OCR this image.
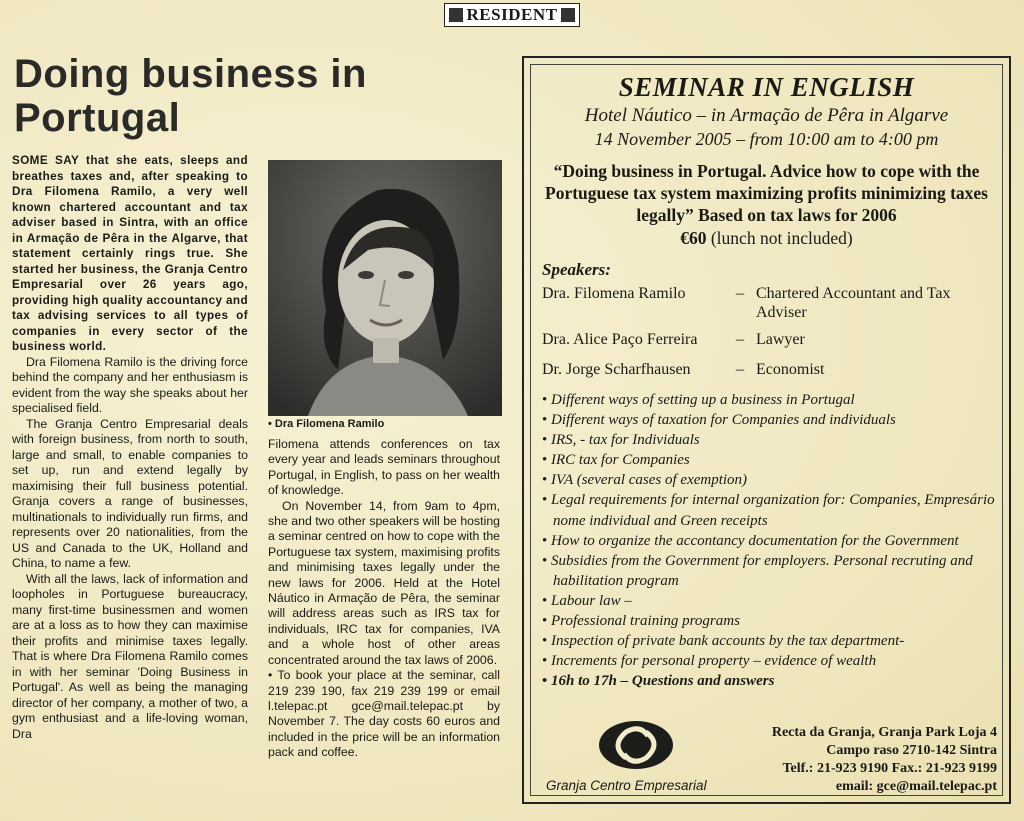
RESIDENT
Doing business in Portugal

SOME SAY that she eats, sleeps and breathes taxes and, after speaking to Dra Filomena Ramilo, a very well known chartered accountant and tax adviser based in Sintra, with an office in Armação de Pêra in the Algarve, that statement certainly rings true. She started her business, the Granja Centro Empresarial over 26 years ago, providing high quality accountancy and tax advising services to all types of companies in every sector of the business world.

Dra Filomena Ramilo is the driving force behind the company and her enthusiasm is evident from the way she speaks about her specialised field.

The Granja Centro Empresarial deals with foreign business, from north to south, large and small, to enable companies to set up, run and extend legally by maximising their full business potential. Granja covers a range of businesses, multinationals to individually run firms, and represents over 20 nationalities, from the US and Canada to the UK, Holland and China, to name a few.

With all the laws, lack of information and loopholes in Portuguese bureaucracy, many first-time businessmen and women are at a loss as to how they can maximise their profits and minimise taxes legally. That is where Dra Filomena Ramilo comes in with her seminar 'Doing Business in Portugal'. As well as being the managing director of her company, a mother of two, a gym enthusiast and a life-loving woman, Dra

• Dra Filomena Ramilo

Filomena attends conferences on tax every year and leads seminars throughout Portugal, in English, to pass on her wealth of knowledge.

On November 14, from 9am to 4pm, she and two other speakers will be hosting a seminar centred on how to cope with the Portuguese tax system, maximising profits and minimising taxes legally under the new laws for 2006. Held at the Hotel Náutico in Armação de Pêra, the seminar will address areas such as IRS tax for individuals, IRC tax for companies, IVA and a whole host of other areas concentrated around the tax laws of 2006.

• To book your place at the seminar, call 219 239 190, fax 219 239 199 or email l.telepac.pt gce@mail.telepac.pt by November 7. The day costs 60 euros and included in the price will be an information pack and coffee.

SEMINAR IN ENGLISH
Hotel Náutico – in Armação de Pêra in Algarve
14 November 2005 – from 10:00 am to 4:00 pm
“Doing business in Portugal. Advice how to cope with the Portuguese tax system maximizing profits minimizing taxes legally” Based on tax laws for 2006
€60 (lunch not included)
Speakers:
Dra. Filomena Ramilo	– Chartered Accountant and Tax Adviser
Dra. Alice Paço Ferreira	– Lawyer
Dr. Jorge Scharfhausen	– Economist
• Different ways of setting up a business in Portugal
• Different ways of taxation for Companies and individuals
• IRS, - tax for Individuals
• IRC tax for Companies
• IVA (several cases of exemption)
• Legal requirements for internal organization for: Companies, Empresário nome individual and Green receipts
• How to organize the accontancy documentation for the Government
• Subsidies from the Government for employers. Personal recruting and habilitation program
• Labour law –
• Professional training programs
• Inspection of private bank accounts by the tax department-
• Increments for personal property – evidence of wealth
• 16h to 17h – Questions and answers
Granja Centro Empresarial
Recta da Granja, Granja Park Loja 4
Campo raso 2710-142 Sintra
Telf.: 21-923 9190 Fax.: 21-923 9199
email: gce@mail.telepac.pt
